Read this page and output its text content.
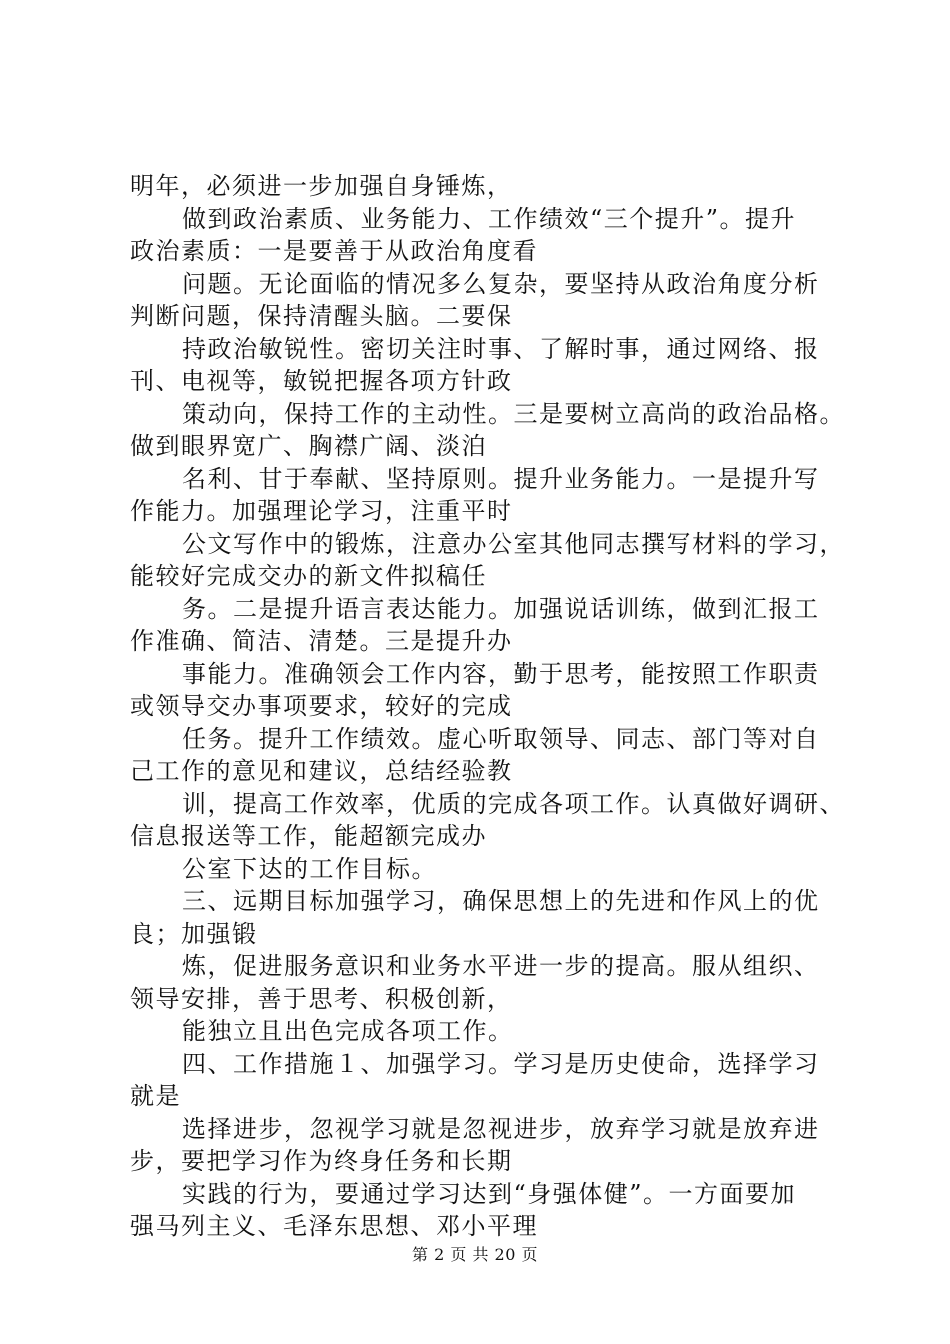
明年，必须进一步加强自身锤炼，

做到政治素质、业务能力、工作绩效“三个提升”。提升
政治素质：一是要善于从政治角度看

问题。无论面临的情况多么复杂，要坚持从政治角度分析
判断问题，保持清醒头脑。二要保

持政治敏锐性。密切关注时事、了解时事，通过网络、报
刊、电视等，敏锐把握各项方针政

策动向，保持工作的主动性。三是要树立高尚的政治品格。
做到眼界宽广、胸襟广阔、淡泊

名利、甘于奉献、坚持原则。提升业务能力。一是提升写
作能力。加强理论学习，注重平时

公文写作中的锻炼，注意办公室其他同志撰写材料的学习，
能较好完成交办的新文件拟稿任

务。二是提升语言表达能力。加强说话训练，做到汇报工
作准确、简洁、清楚。三是提升办

事能力。准确领会工作内容，勤于思考，能按照工作职责
或领导交办事项要求，较好的完成

任务。提升工作绩效。虚心听取领导、同志、部门等对自
己工作的意见和建议，总结经验教

训，提高工作效率，优质的完成各项工作。认真做好调研、
信息报送等工作，能超额完成办

公室下达的工作目标。

三、远期目标加强学习，确保思想上的先进和作风上的优
良；加强锻

炼，促进服务意识和业务水平进一步的提高。服从组织、
领导安排，善于思考、积极创新，

能独立且出色完成各项工作。

四、工作措施１、加强学习。学习是历史使命，选择学习
就是

选择进步，忽视学习就是忽视进步，放弃学习就是放弃进
步，要把学习作为终身任务和长期

实践的行为，要通过学习达到“身强体健”。一方面要加
强马列主义、毛泽东思想、邓小平理

第 2 页 共 20 页
